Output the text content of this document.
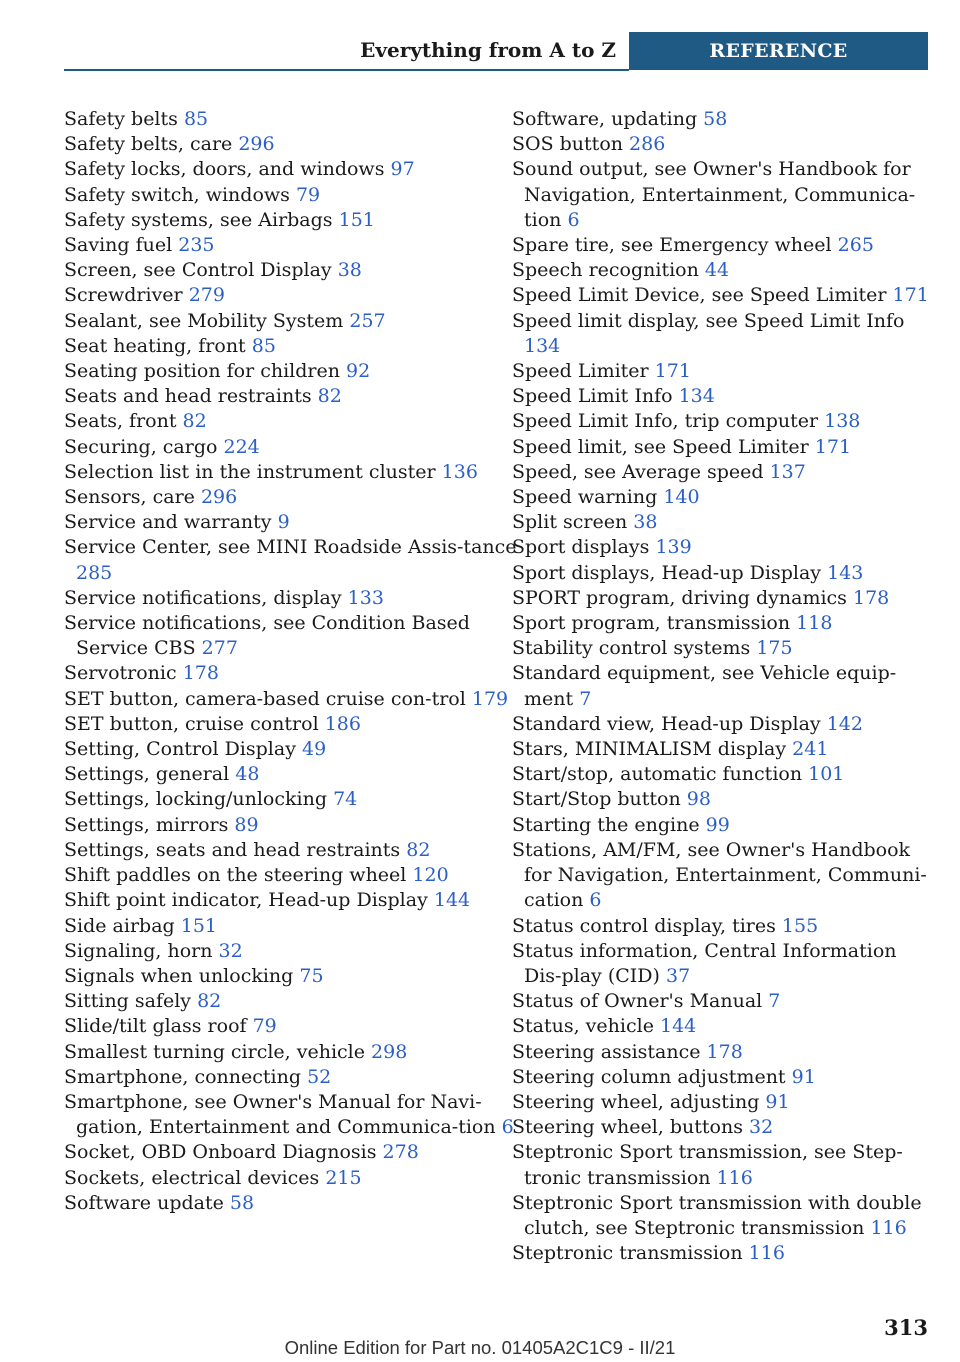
Everything from A to Z	REFERENCE

Safety belts 85

Safety belts, care 296

Safety locks, doors, and windows 97

Safety switch, windows 79

Safety systems, see Airbags 151

Saving fuel 235

Screen, see Control Display 38

Screwdriver 279

Sealant, see Mobility System 257

Seat heating, front 85

Seating position for children 92

Seats and head restraints 82

Seats, front 82

Securing, cargo 224

Selection list in the instrument cluster 136

Sensors, care 296

Service and warranty 9

Service Center, see MINI Roadside Assis-tance 285

Service notifications, display 133

Service notifications, see Condition Based Service CBS 277

Servotronic 178

SET button, camera-based cruise con-trol 179

SET button, cruise control 186

Setting, Control Display 49

Settings, general 48

Settings, locking/unlocking 74

Settings, mirrors 89

Settings, seats and head restraints 82

Shift paddles on the steering wheel 120

Shift point indicator, Head-up Display 144

Side airbag 151

Signaling, horn 32

Signals when unlocking 75

Sitting safely 82

Slide/tilt glass roof 79

Smallest turning circle, vehicle 298

Smartphone, connecting 52

Smartphone, see Owner's Manual for Navi-gation, Entertainment and Communica-tion 6

Socket, OBD Onboard Diagnosis 278

Sockets, electrical devices 215

Software update 58

Software, updating 58

SOS button 286

Sound output, see Owner's Handbook for Navigation, Entertainment, Communica-tion 6

Spare tire, see Emergency wheel 265

Speech recognition 44

Speed Limit Device, see Speed Limiter 171

Speed limit display, see Speed Limit Info 134

Speed Limiter 171

Speed Limit Info 134

Speed Limit Info, trip computer 138

Speed limit, see Speed Limiter 171

Speed, see Average speed 137

Speed warning 140

Split screen 38

Sport displays 139

Sport displays, Head-up Display 143

SPORT program, driving dynamics 178

Sport program, transmission 118

Stability control systems 175

Standard equipment, see Vehicle equip-ment 7

Standard view, Head-up Display 142

Stars, MINIMALISM display 241

Start/stop, automatic function 101

Start/Stop button 98

Starting the engine 99

Stations, AM/FM, see Owner's Handbook for Navigation, Entertainment, Communi-cation 6

Status control display, tires 155

Status information, Central Information Dis-play (CID) 37

Status of Owner's Manual 7

Status, vehicle 144

Steering assistance 178

Steering column adjustment 91

Steering wheel, adjusting 91

Steering wheel, buttons 32

Steptronic Sport transmission, see Step-tronic transmission 116

Steptronic Sport transmission with double clutch, see Steptronic transmission 116

Steptronic transmission 116

313
Online Edition for Part no. 01405A2C1C9 - II/21
